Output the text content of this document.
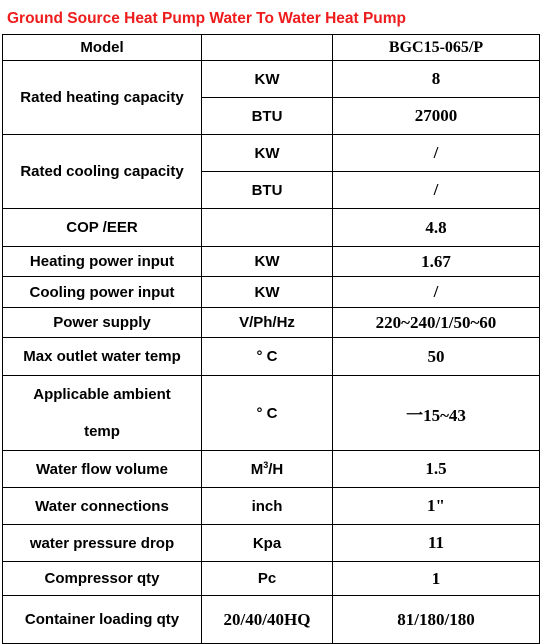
Ground Source Heat Pump Water To Water Heat Pump
Model		BGC15-065/P
Rated heating capacity	KW	8
	BTU	27000
Rated cooling capacity	KW	/
	BTU	/
COP /EER		4.8
Heating power input	KW	1.67
Cooling power input	KW	/
Power supply	V/Ph/Hz	220~240/1/50~60
Max outlet water temp	° C	50

Applicable ambient
temp	° C	一15~43
Water flow volume	$M^3/H$	1.5
Water connections	inch	1"
water pressure drop	Kpa	11
Compressor qty	Pc	1
Container loading qty	20/40/40HQ	81/180/180
